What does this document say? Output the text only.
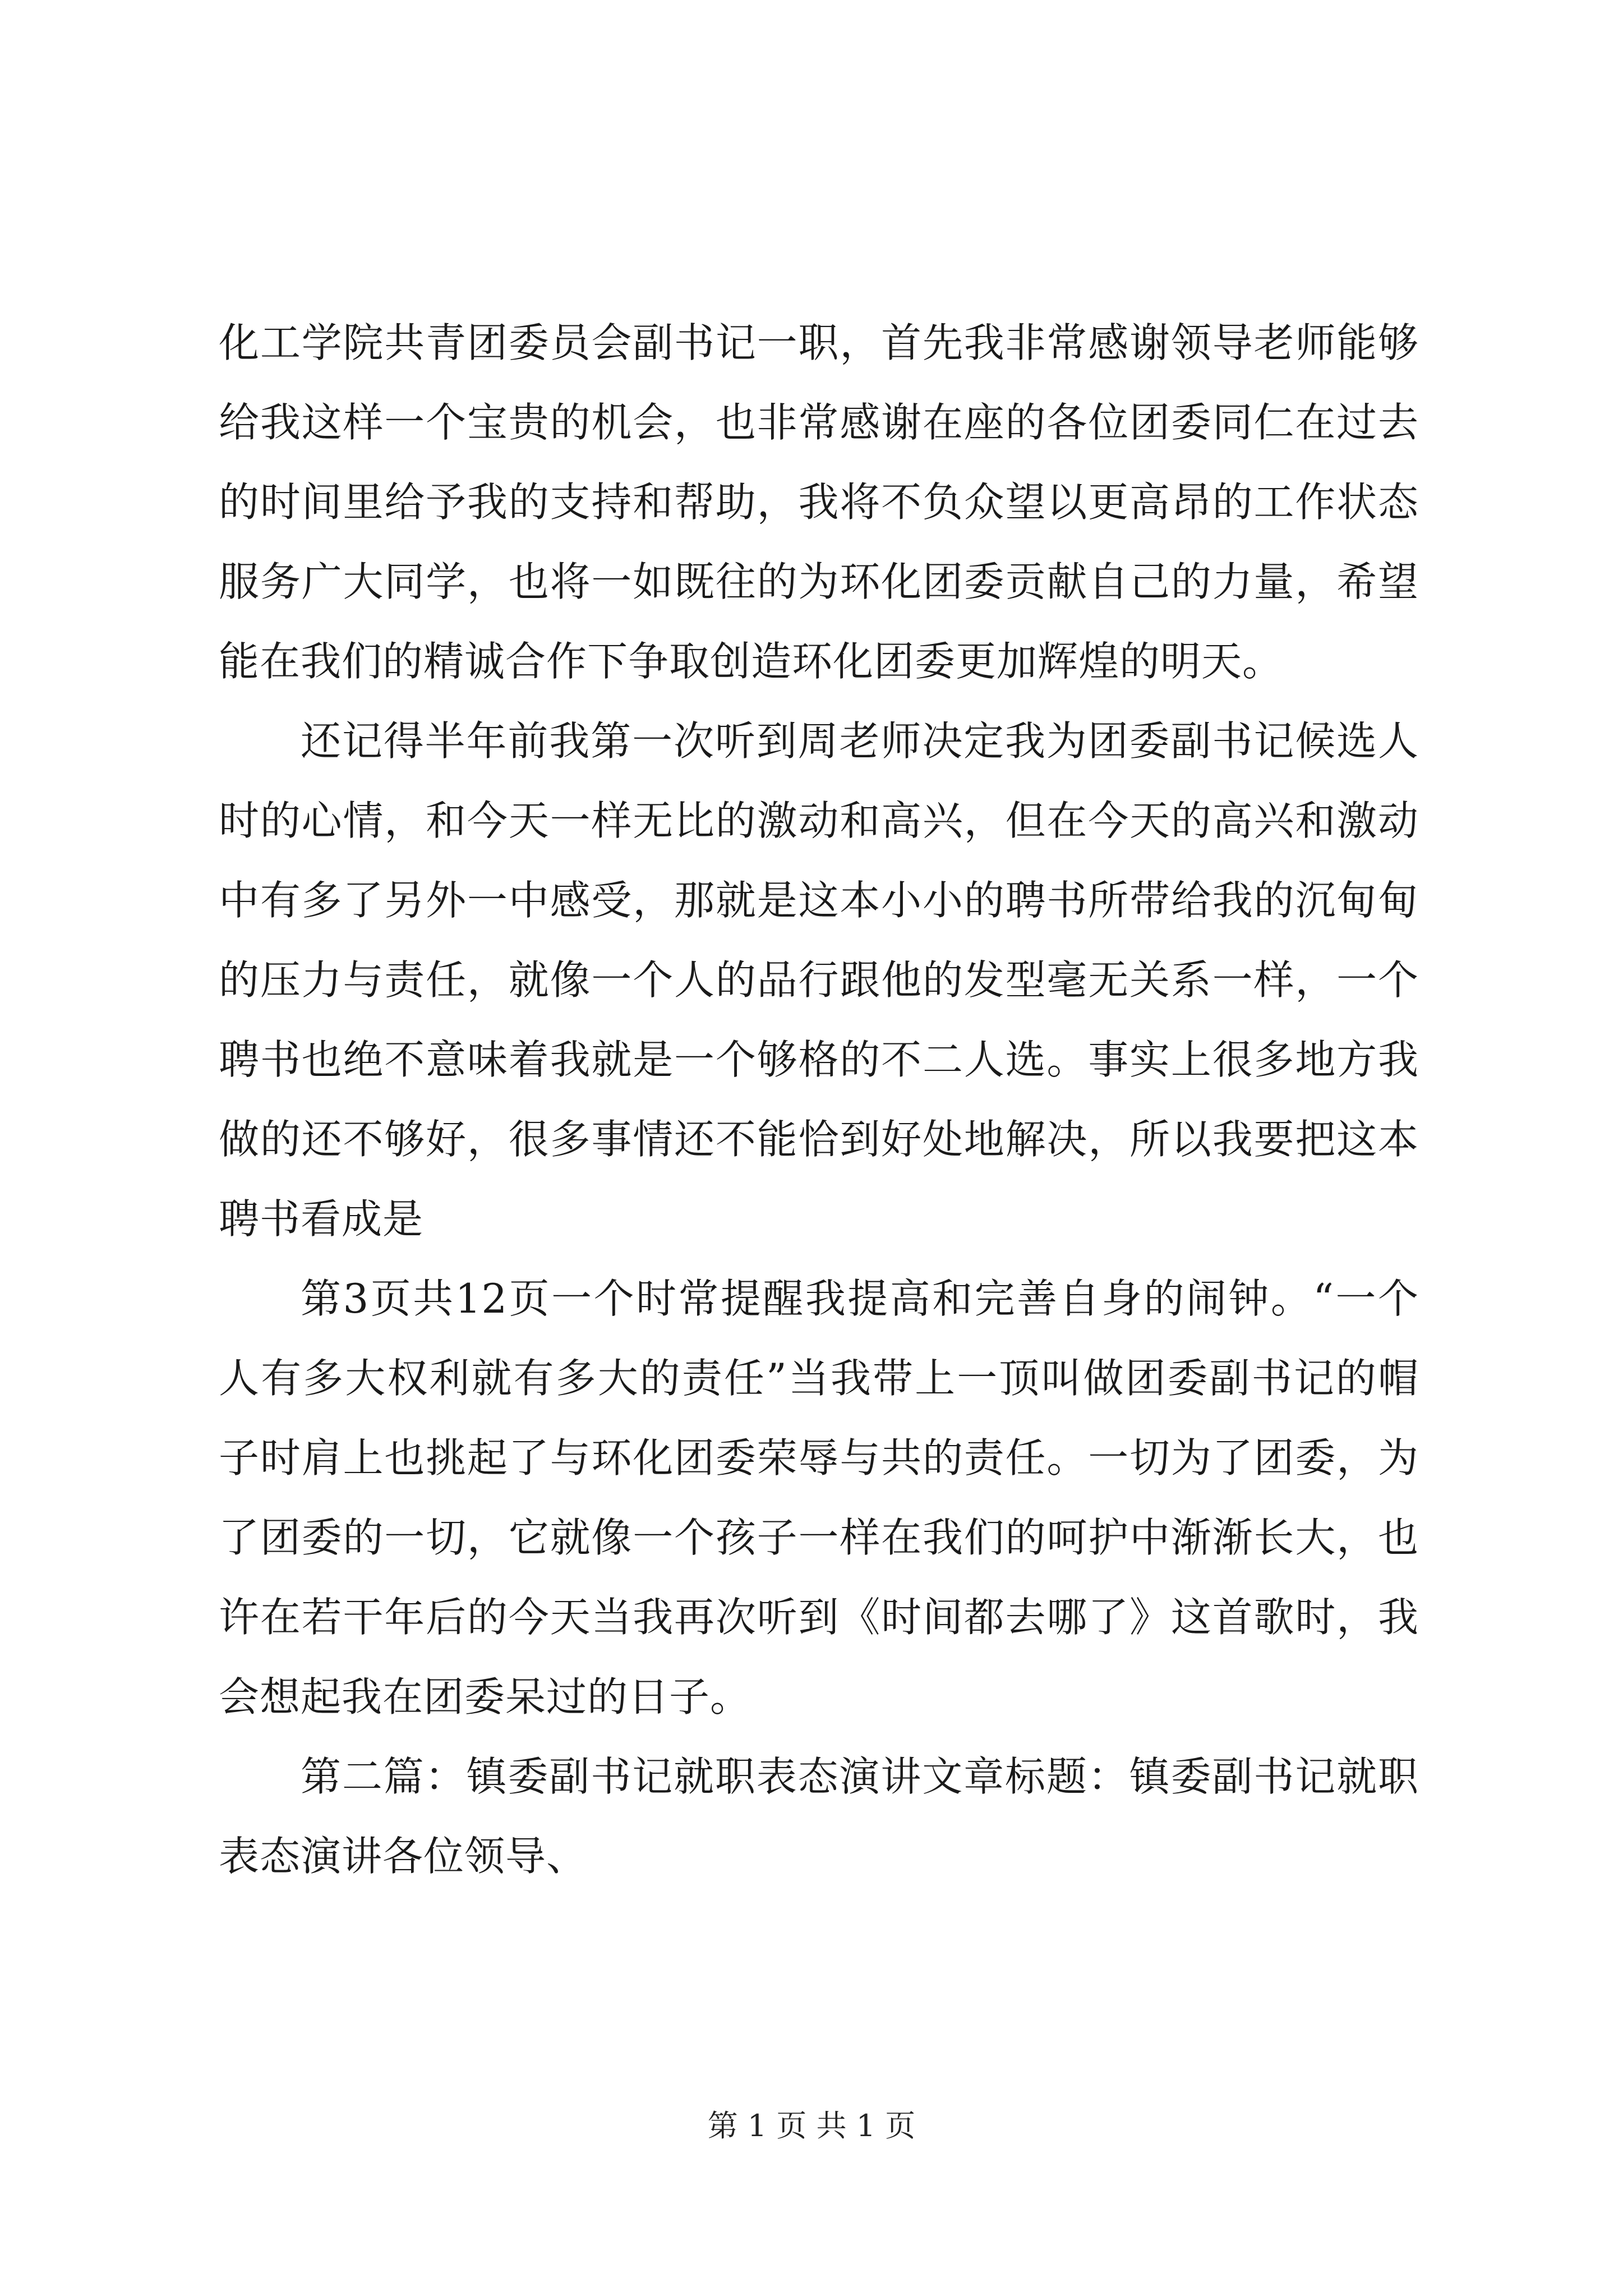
化工学院共青团委员会副书记一职，首先我非常感谢领导老师能够给我这样一个宝贵的机会，也非常感谢在座的各位团委同仁在过去的时间里给予我的支持和帮助，我将不负众望以更高昂的工作状态服务广大同学，也将一如既往的为环化团委贡献自己的力量，希望能在我们的精诚合作下争取创造环化团委更加辉煌的明天。

还记得半年前我第一次听到周老师决定我为团委副书记候选人时的心情，和今天一样无比的激动和高兴，但在今天的高兴和激动中有多了另外一中感受，那就是这本小小的聘书所带给我的沉甸甸的压力与责任，就像一个人的品行跟他的发型毫无关系一样，一个聘书也绝不意味着我就是一个够格的不二人选。事实上很多地方我做的还不够好，很多事情还不能恰到好处地解决，所以我要把这本聘书看成是

第3页共12页一个时常提醒我提高和完善自身的闹钟。“一个人有多大权利就有多大的责任”当我带上一顶叫做团委副书记的帽子时肩上也挑起了与环化团委荣辱与共的责任。一切为了团委，为了团委的一切，它就像一个孩子一样在我们的呵护中渐渐长大，也许在若干年后的今天当我再次听到《时间都去哪了》这首歌时，我会想起我在团委呆过的日子。

第二篇：镇委副书记就职表态演讲文章标题：镇委副书记就职表态演讲各位领导、

第 1 页 共 1 页
